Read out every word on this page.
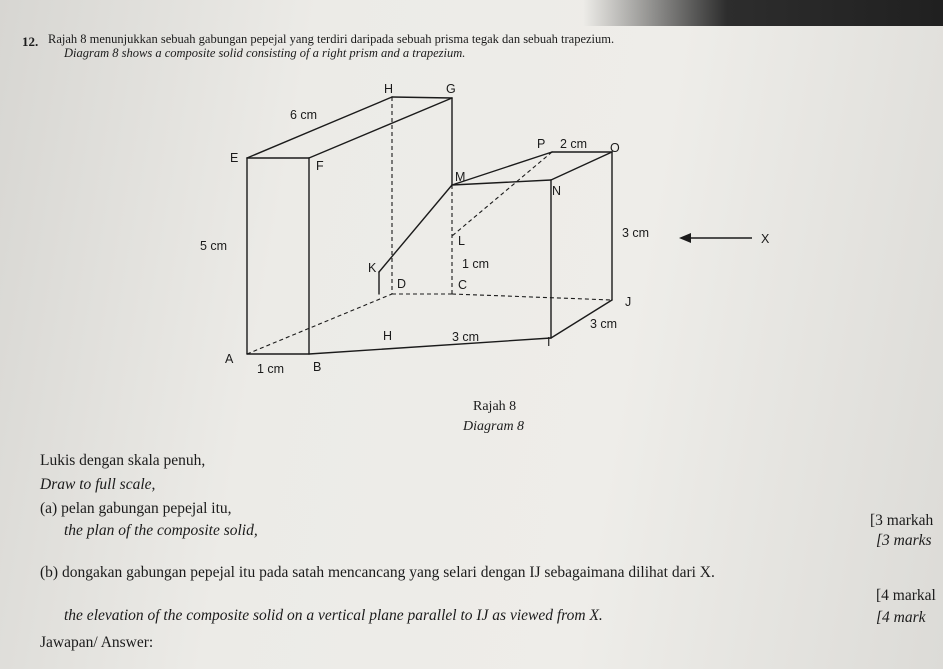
12. Rajah 8 menunjukkan sebuah gabungan pepejal yang terdiri daripada sebuah prisma tegak dan sebuah trapezium.
Diagram 8 shows a composite solid consisting of a right prism and a trapezium.
H	G
E
F
P	O
M
N
L
K
D	C
J
H	I
A
B
6 cm
2 cm
5 cm
3 cm
1 cm
3 cm
3 cm
1 cm
X
Rajah 8
Diagram 8
Lukis dengan skala penuh,
Draw to full scale,
(a) pelan gabungan pepejal itu,
the plan of the composite solid,
[3 markah
[3 marks
(b) dongakan gabungan pepejal itu pada satah mencancang yang selari dengan IJ sebagaimana dilihat dari X.
[4 markal
the elevation of the composite solid on a vertical plane parallel to IJ as viewed from X.	[4 mark
Jawapan/ Answer:
